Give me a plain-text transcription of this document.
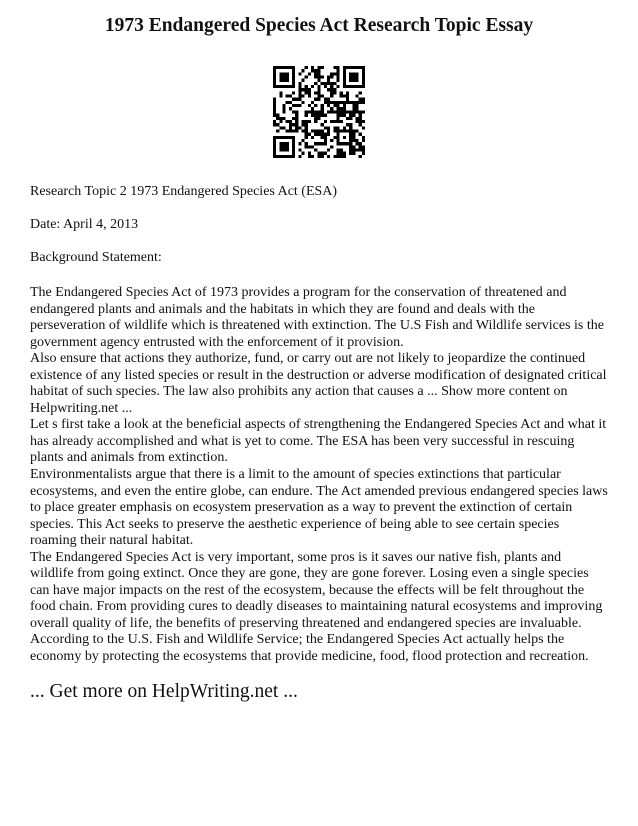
1973 Endangered Species Act Research Topic Essay

Research Topic 2 1973 Endangered Species Act (ESA)

Date: April 4, 2013

Background Statement:

The Endangered Species Act of 1973 provides a program for the conservation of threatened and endangered plants and animals and the habitats in which they are found and deals with the perseveration of wildlife which is threatened with extinction. The U.S Fish and Wildlife services is the government agency entrusted with the enforcement of it provision.

Also ensure that actions they authorize, fund, or carry out are not likely to jeopardize the continued existence of any listed species or result in the destruction or adverse modification of designated critical habitat of such species. The law also prohibits any action that causes a ... Show more content on Helpwriting.net ...

Let s first take a look at the beneficial aspects of strengthening the Endangered Species Act and what it has already accomplished and what is yet to come. The ESA has been very successful in rescuing plants and animals from extinction.

Environmentalists argue that there is a limit to the amount of species extinctions that particular ecosystems, and even the entire globe, can endure. The Act amended previous endangered species laws to place greater emphasis on ecosystem preservation as a way to prevent the extinction of certain species. This Act seeks to preserve the aesthetic experience of being able to see certain species roaming their natural habitat.

The Endangered Species Act is very important, some pros is it saves our native fish, plants and wildlife from going extinct. Once they are gone, they are gone forever. Losing even a single species can have major impacts on the rest of the ecosystem, because the effects will be felt throughout the food chain. From providing cures to deadly diseases to maintaining natural ecosystems and improving overall quality of life, the benefits of preserving threatened and endangered species are invaluable. According to the U.S. Fish and Wildlife Service; the Endangered Species Act actually helps the economy by protecting the ecosystems that provide medicine, food, flood protection and recreation.

... Get more on HelpWriting.net ...
